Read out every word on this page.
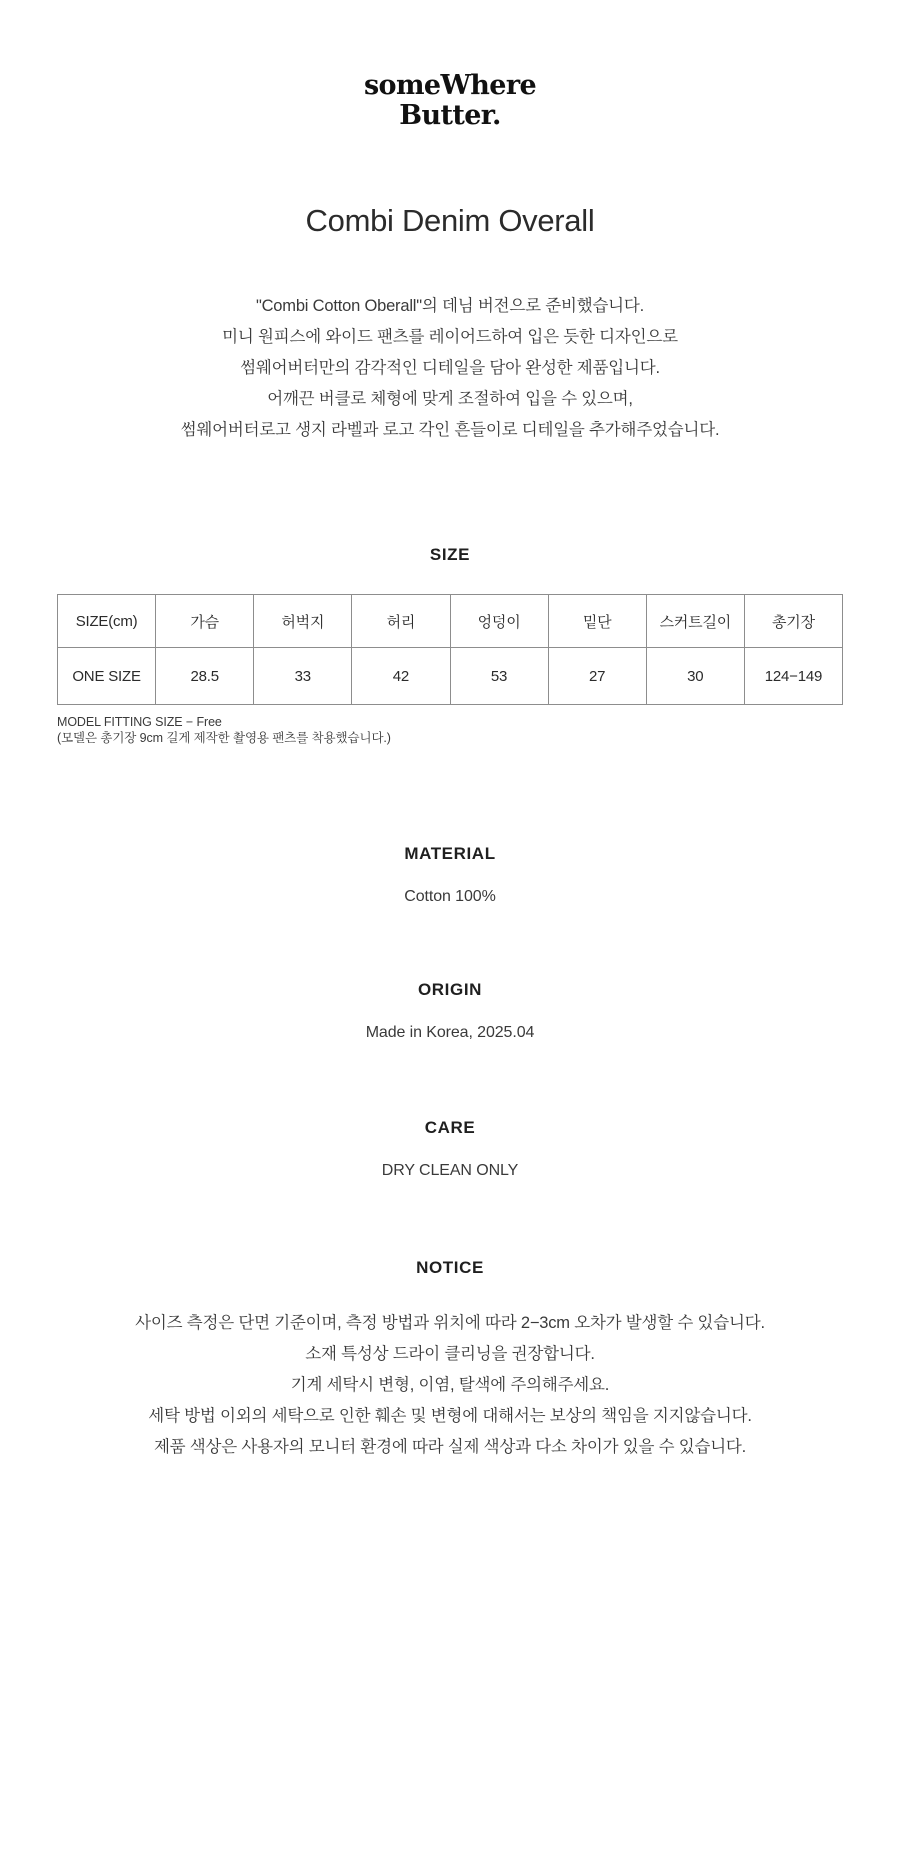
someWhere
Butter.
Combi Denim Overall
"Combi Cotton Oberall"의 데님 버전으로 준비했습니다.
미니 원피스에 와이드 팬츠를 레이어드하여 입은 듯한 디자인으로
썸웨어버터만의 감각적인 디테일을 담아 완성한 제품입니다.
어깨끈 버클로 체형에 맞게 조절하여 입을 수 있으며,
썸웨어버터로고 생지 라벨과 로고 각인 흔들이로 디테일을 추가해주었습니다.
SIZE
SIZE(cm)	가슴	허벅지	허리	엉덩이	밑단	스커트길이	총기장
ONE SIZE	28.5	33	42	53	27	30	124−149
MODEL FITTING SIZE − Free
(모델은 총기장 9cm 길게 제작한 촬영용 팬츠를 착용했습니다.)
MATERIAL
Cotton 100%
ORIGIN
Made in Korea, 2025.04
CARE
DRY CLEAN ONLY
NOTICE
사이즈 측정은 단면 기준이며, 측정 방법과 위치에 따라 2−3cm 오차가 발생할 수 있습니다.
소재 특성상 드라이 클리닝을 권장합니다.
기계 세탁시 변형, 이염, 탈색에 주의해주세요.
세탁 방법 이외의 세탁으로 인한 훼손 및 변형에 대해서는 보상의 책임을 지지않습니다.
제품 색상은 사용자의 모니터 환경에 따라 실제 색상과 다소 차이가 있을 수 있습니다.
